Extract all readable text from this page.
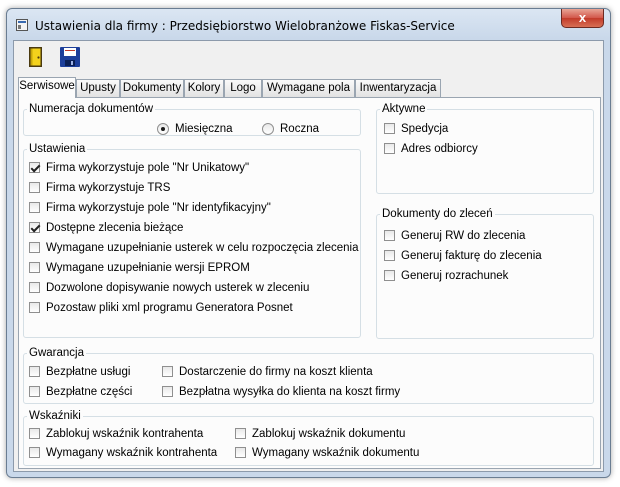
Ustawienia dla firmy : Przedsiębiorstwo Wielobranżowe Fiskas-Service
x
Serwisowe Upusty Dokumenty Kolory Logo Wymagane pola Inwentaryzacja
Numeracja dokumentów
Miesięczna	Roczna
Ustawienia
Firma wykorzystuje pole "Nr Unikatowy"
Firma wykorzystuje TRS
Firma wykorzystuje pole "Nr identyfikacyjny"
Dostępne zlecenia bieżące
Wymagane uzupełnianie usterek w celu rozpoczęcia zlecenia
Wymagane uzupełnianie wersji EPROM
Dozwolone dopisywanie nowych usterek w zleceniu
Pozostaw pliki xml programu Generatora Posnet
Aktywne
Spedycja
Adres odbiorcy
Dokumenty do zleceń
Generuj RW do zlecenia
Generuj fakturę do zlecenia
Generuj rozrachunek
Gwarancja
Bezpłatne usługi	Dostarczenie do firmy na koszt klienta
Bezpłatne części	Bezpłatna wysyłka do klienta na koszt firmy
Wskaźniki
Zablokuj wskaźnik kontrahenta	Zablokuj wskaźnik dokumentu
Wymagany wskaźnik kontrahenta	Wymagany wskaźnik dokumentu
